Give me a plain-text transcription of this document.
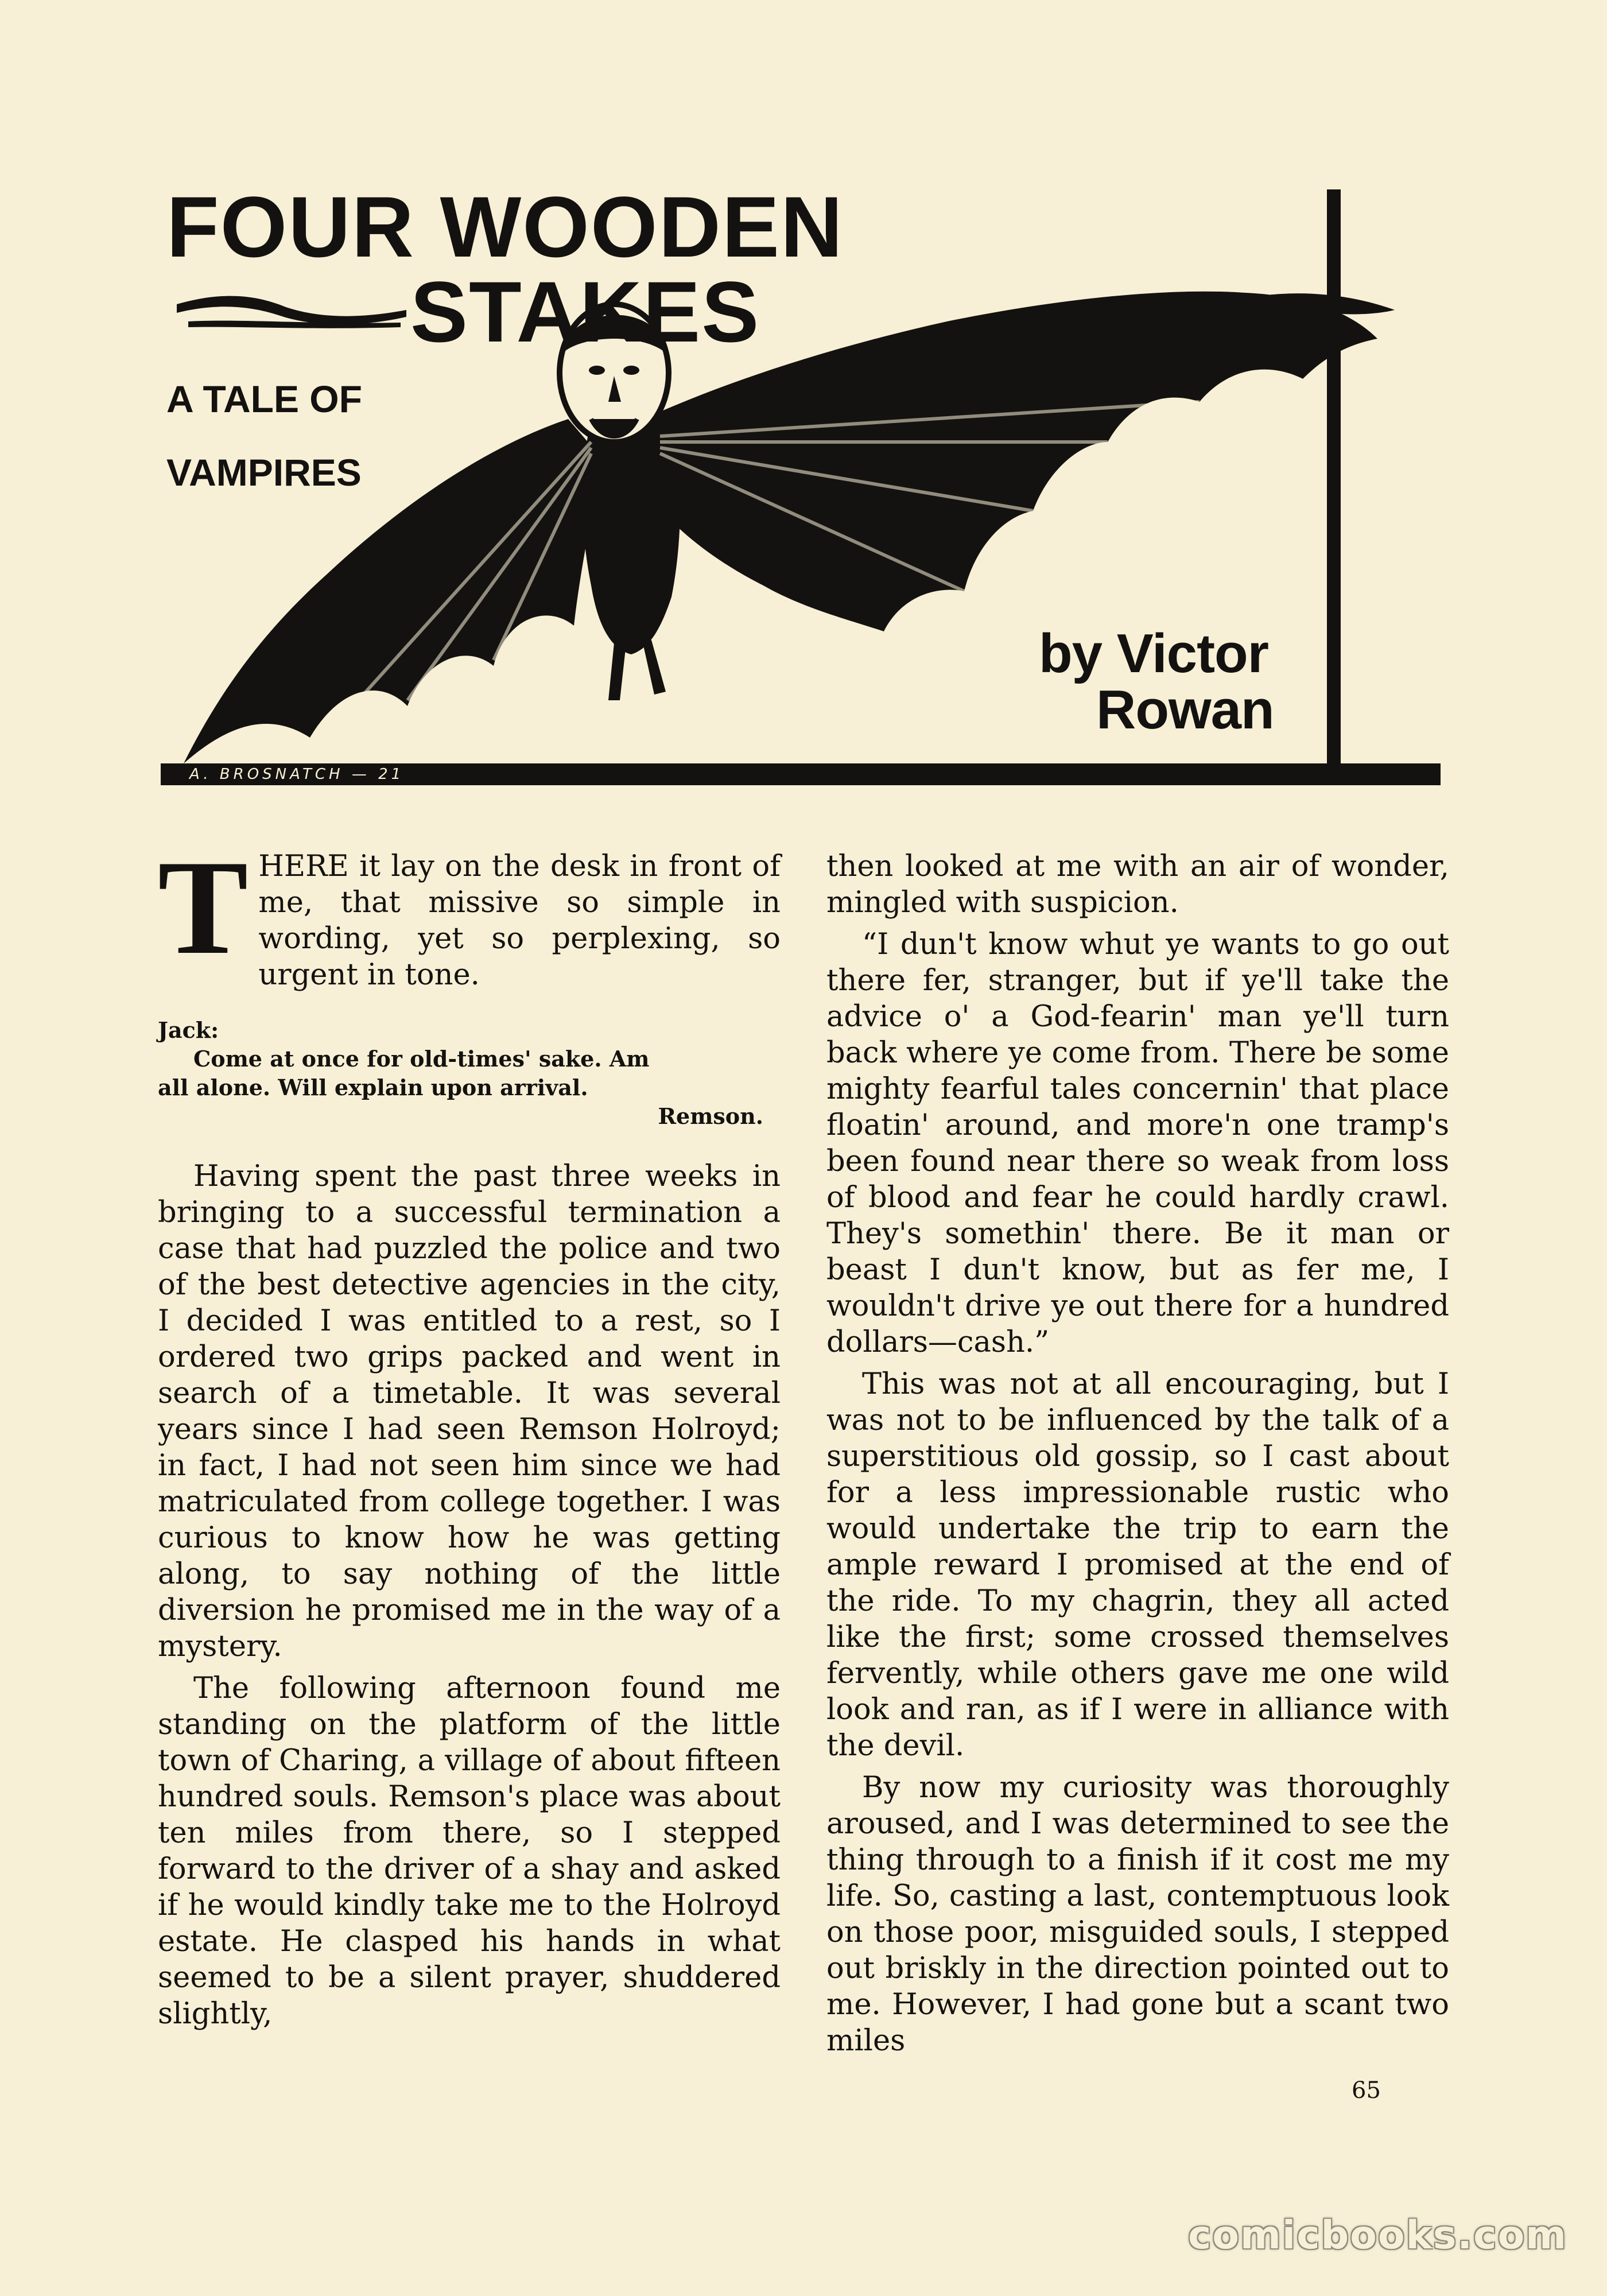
FOUR WOODEN
STAKES
A TALE OF
VAMPIRES
by Victor
Rowan
A. BROSNATCH — 21

THERE it lay on the desk in front of me, that missive so simple in wording, yet so perplexing, so urgent in tone.

Jack:
Come at once for old-times' sake. Am
all alone. Will explain upon arrival.
Remson.

Having spent the past three weeks in bringing to a successful termination a case that had puzzled the police and two of the best detective agencies in the city, I decided I was entitled to a rest, so I ordered two grips packed and went in search of a timetable. It was several years since I had seen Remson Holroyd; in fact, I had not seen him since we had matriculated from college together. I was curious to know how he was getting along, to say nothing of the little diversion he promised me in the way of a mystery.

The following afternoon found me standing on the platform of the little town of Charing, a village of about fifteen hundred souls. Remson's place was about ten miles from there, so I stepped forward to the driver of a shay and asked if he would kindly take me to the Holroyd estate. He clasped his hands in what seemed to be a silent prayer, shuddered slightly,

then looked at me with an air of wonder, mingled with suspicion.

“I dun't know whut ye wants to go out there fer, stranger, but if ye'll take the advice o' a God-fearin' man ye'll turn back where ye come from. There be some mighty fearful tales concernin' that place floatin' around, and more'n one tramp's been found near there so weak from loss of blood and fear he could hardly crawl. They's somethin' there. Be it man or beast I dun't know, but as fer me, I wouldn't drive ye out there for a hundred dollars—cash.”

This was not at all encouraging, but I was not to be influenced by the talk of a superstitious old gossip, so I cast about for a less impressionable rustic who would undertake the trip to earn the ample reward I promised at the end of the ride. To my chagrin, they all acted like the first; some crossed themselves fervently, while others gave me one wild look and ran, as if I were in alliance with the devil.

By now my curiosity was thoroughly aroused, and I was determined to see the thing through to a finish if it cost me my life. So, casting a last, contemptuous look on those poor, misguided souls, I stepped out briskly in the direction pointed out to me. However, I had gone but a scant two miles

65
comicbooks.com
